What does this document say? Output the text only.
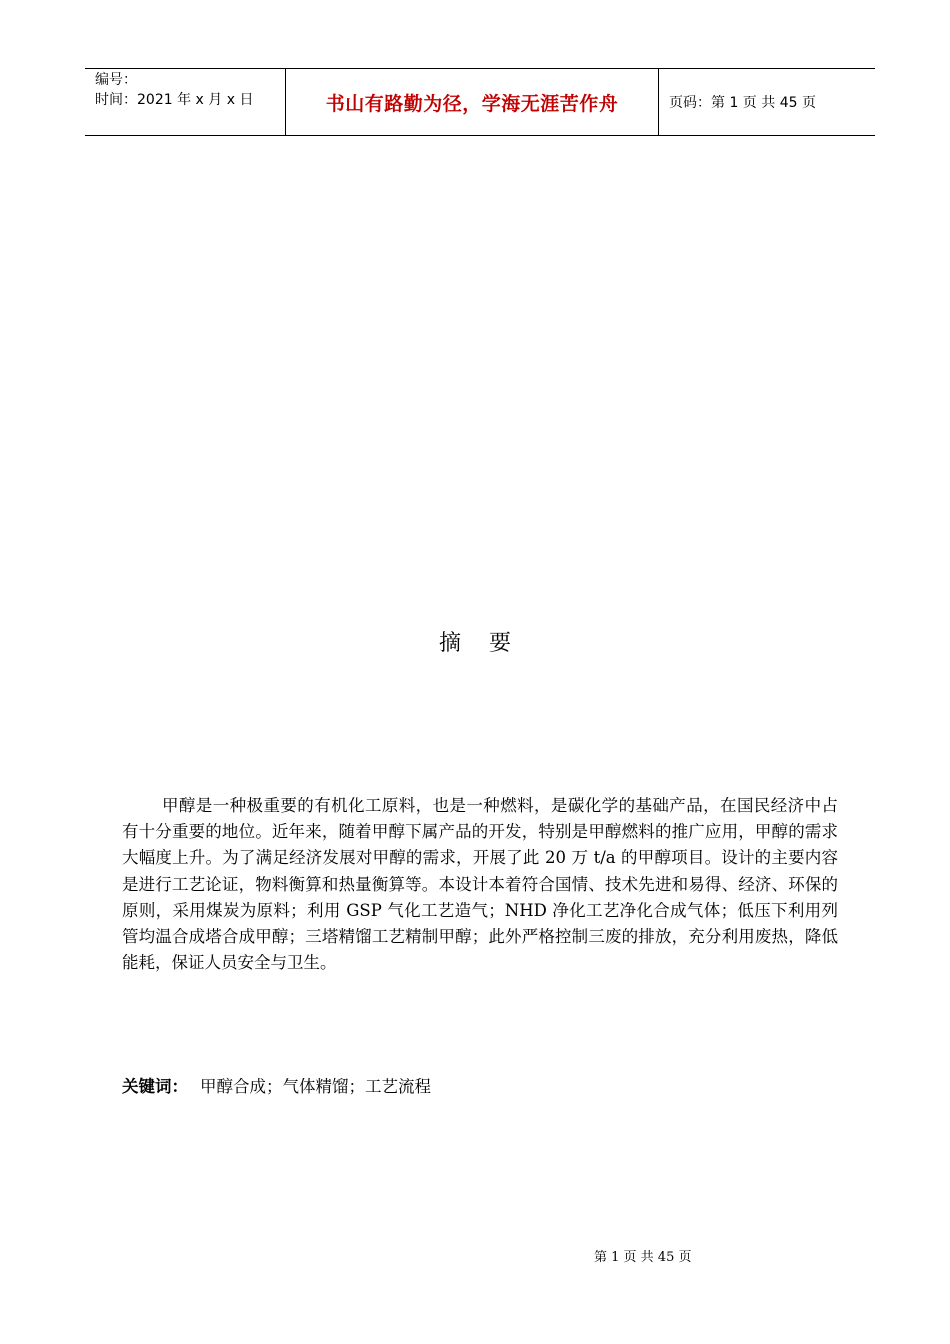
编号：
时间：2021 年 x 月 x 日	书山有路勤为径，学海无涯苦作舟	页码：第 1 页 共 45 页
摘要

甲醇是一种极重要的有机化工原料，也是一种燃料，是碳化学的基础产品，在国民经济中占有十分重要的地位。近年来，随着甲醇下属产品的开发，特别是甲醇燃料的推广应用，甲醇的需求大幅度上升。为了满足经济发展对甲醇的需求，开展了此 20 万 t/a 的甲醇项目。设计的主要内容是进行工艺论证，物料衡算和热量衡算等。本设计本着符合国情、技术先进和易得、经济、环保的原则，采用煤炭为原料；利用 GSP 气化工艺造气；NHD 净化工艺净化合成气体；低压下利用列管均温合成塔合成甲醇；三塔精馏工艺精制甲醇；此外严格控制三废的排放，充分利用废热，降低能耗，保证人员安全与卫生。

关键词： 甲醇合成；气体精馏；工艺流程
第 1 页 共 45 页
